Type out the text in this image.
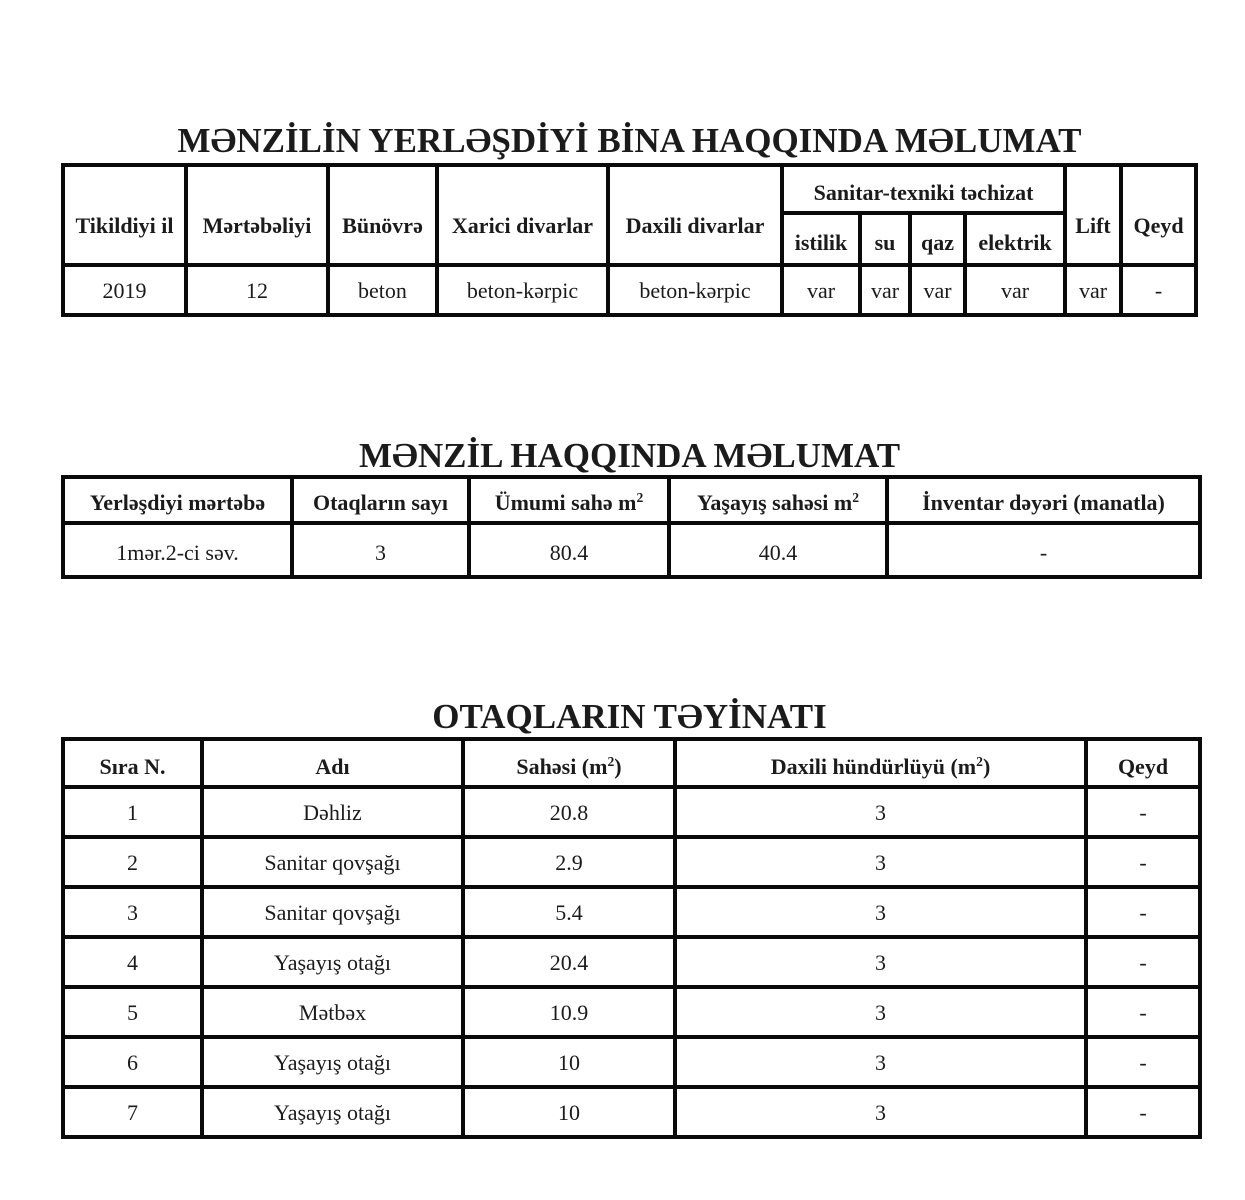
MƏNZİLİN YERLƏŞDİYİ BİNA HAQQINDA MƏLUMAT
Tikildiyi il	Mərtəbəliyi	Bünövrə	Xarici divarlar	Daxili divarlar	Sanitar-texniki təchizat				Lift	Qeyd
					istilik	su	qaz	elektrik		
2019	12	beton	beton-kərpic	beton-kərpic	var	var	var	var	var	-
MƏNZİL HAQQINDA MƏLUMAT
Yerləşdiyi mərtəbə	Otaqların sayı	Ümumi sahə $m^2$	Yaşayış sahəsi $m^2$	İnventar dəyəri (manatla)
1mər.2-ci səv.	3	80.4	40.4	-
OTAQLARIN TƏYİNATI
Sıra N.	Adı	Sahəsi $(m^2)$	Daxili hündürlüyü $(m^2)$	Qeyd
1	Dəhliz	20.8	3	-
2	Sanitar qovşağı	2.9	3	-
3	Sanitar qovşağı	5.4	3	-
4	Yaşayış otağı	20.4	3	-
5	Mətbəx	10.9	3	-
6	Yaşayış otağı	10	3	-
7	Yaşayış otağı	10	3	-
